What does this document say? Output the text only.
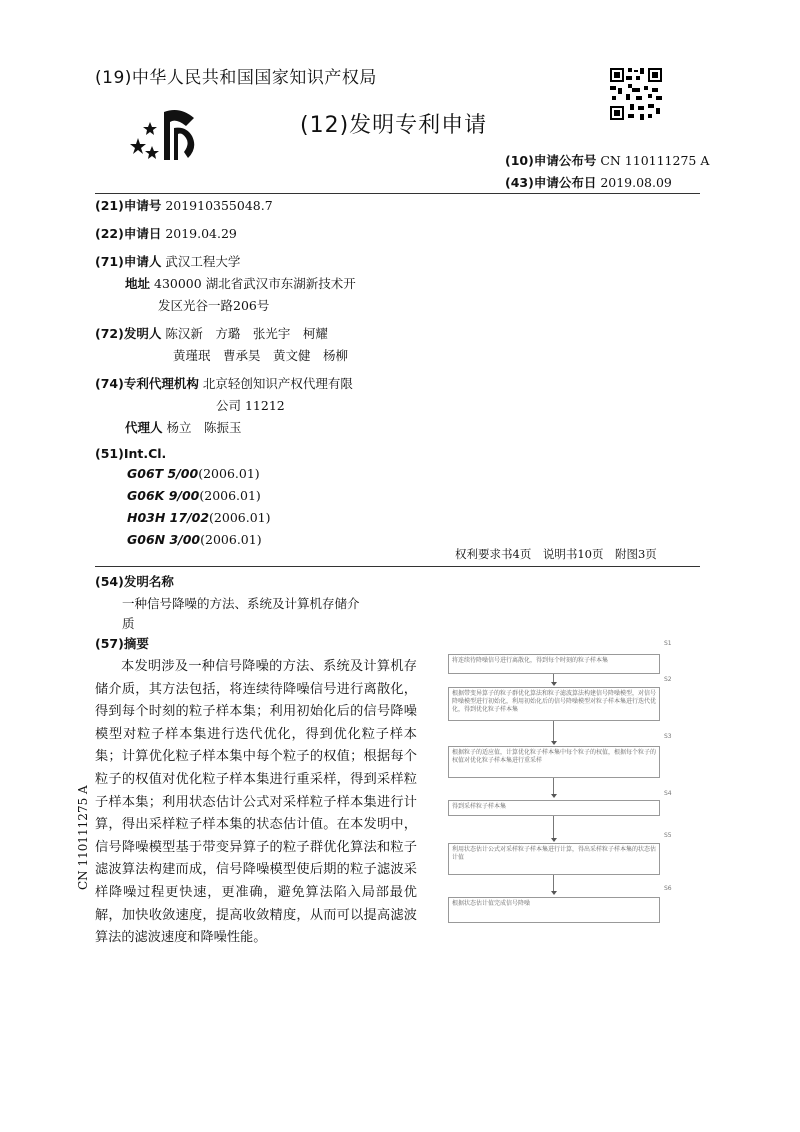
(19)中华人民共和国国家知识产权局
(12)发明专利申请
(10)申请公布号 CN 110111275 A
(43)申请公布日 2019.08.09
(21)申请号 201910355048.7
(22)申请日 2019.04.29
(71)申请人 武汉工程大学
地址 430000 湖北省武汉市东湖新技术开
发区光谷一路206号
(72)发明人 陈汉新　方璐　张光宇　柯耀
黄瑾珉　曹承昊　黄文健　杨柳
(74)专利代理机构 北京轻创知识产权代理有限
公司 11212
代理人 杨立　陈振玉
(51)Int.Cl.
G06T 5/00(2006.01)
G06K 9/00(2006.01)
H03H 17/02(2006.01)
G06N 3/00(2006.01)
权利要求书4页　说明书10页　附图3页
(54)发明名称
一种信号降噪的方法、系统及计算机存储介
质
(57)摘要
本发明涉及一种信号降噪的方法、系统及计算机存储介质，其方法包括，将连续待降噪信号进行离散化，得到每个时刻的粒子样本集；利用初始化后的信号降噪模型对粒子样本集进行迭代优化，得到优化粒子样本集；计算优化粒子样本集中每个粒子的权值；根据每个粒子的权值对优化粒子样本集进行重采样，得到采样粒子样本集；利用状态估计公式对采样粒子样本集进行计算，得出采样粒子样本集的状态估计值。在本发明中，信号降噪模型基于带变异算子的粒子群优化算法和粒子滤波算法构建而成，信号降噪模型使后期的粒子滤波采样降噪过程更快速，更准确，避免算法陷入局部最优解，加快收敛速度，提高收敛精度，从而可以提高滤波算法的滤波速度和降噪性能。
CN 110111275 A
S1
将连续待降噪信号进行离散化，得到每个时刻的粒子样本集
S2
根据带变异算子的粒子群优化算法和粒子滤波算法构建信号降噪模型，对信号降噪模型进行初始化，利用初始化后的信号降噪模型对粒子样本集进行迭代优化，得到优化粒子样本集
S3
根据粒子的适应值，计算优化粒子样本集中每个粒子的权值，根据每个粒子的权值对优化粒子样本集进行重采样
S4
得到采样粒子样本集
S5
利用状态估计公式对采样粒子样本集进行计算，得出采样粒子样本集的状态估计值
S6
根据状态估计值完成信号降噪
